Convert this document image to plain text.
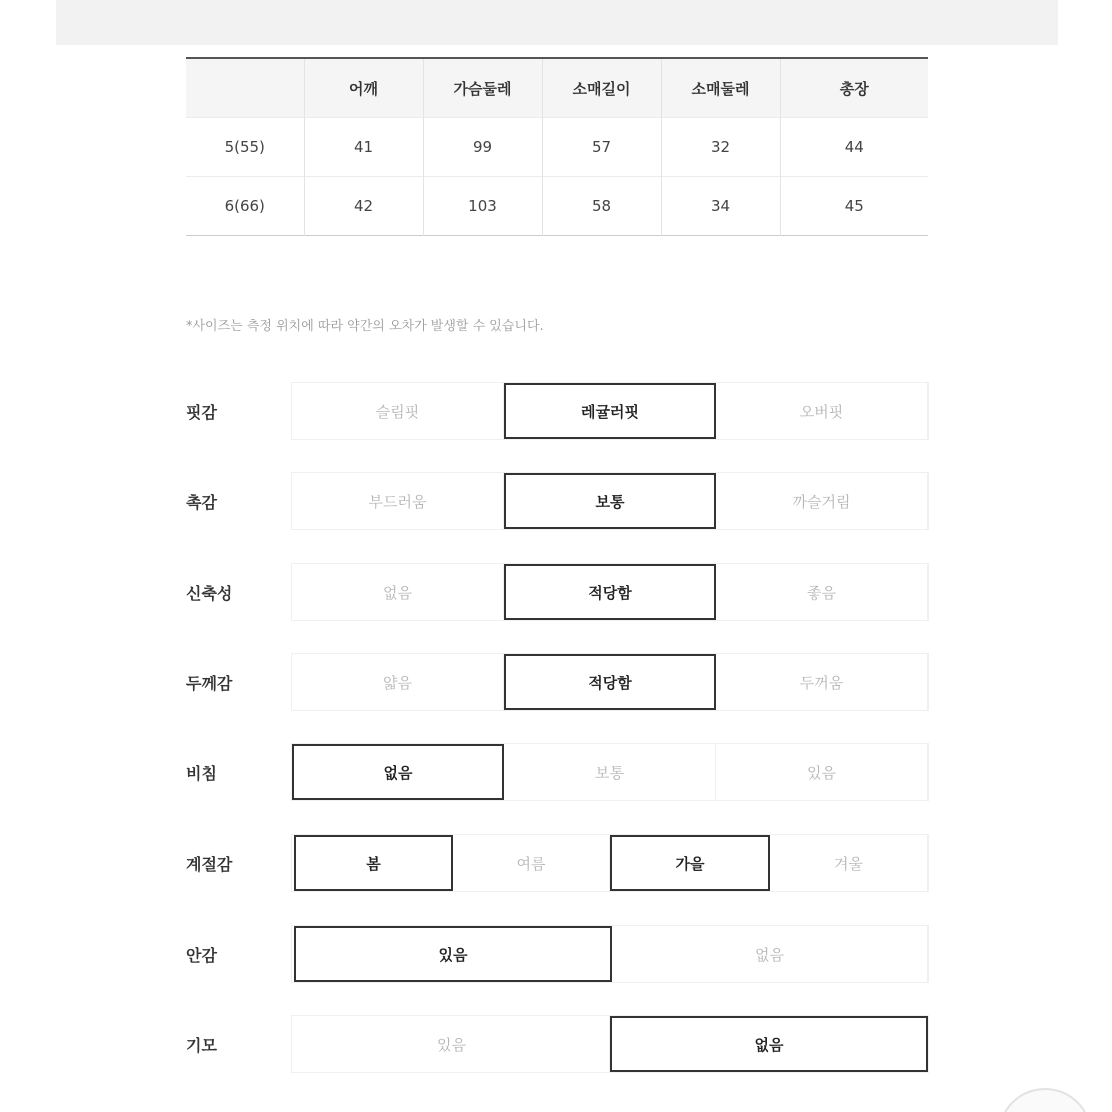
	어깨	가슴둘레	소매길이	소매둘레	총장
5(55)	41	99	57	32	44
6(66)	42	103	58	34	45
*사이즈는 측정 위치에 따라 약간의 오차가 발생할 수 있습니다.
핏감	슬림핏	레귤러핏	오버핏
촉감	부드러움	보통	까슬거림
신축성	없음	적당함	좋음
두께감	얇음	적당함	두꺼움
비침	없음	보통	있음
계절감	봄	여름	가을	겨울
안감	있음	없음
기모	있음	없음
